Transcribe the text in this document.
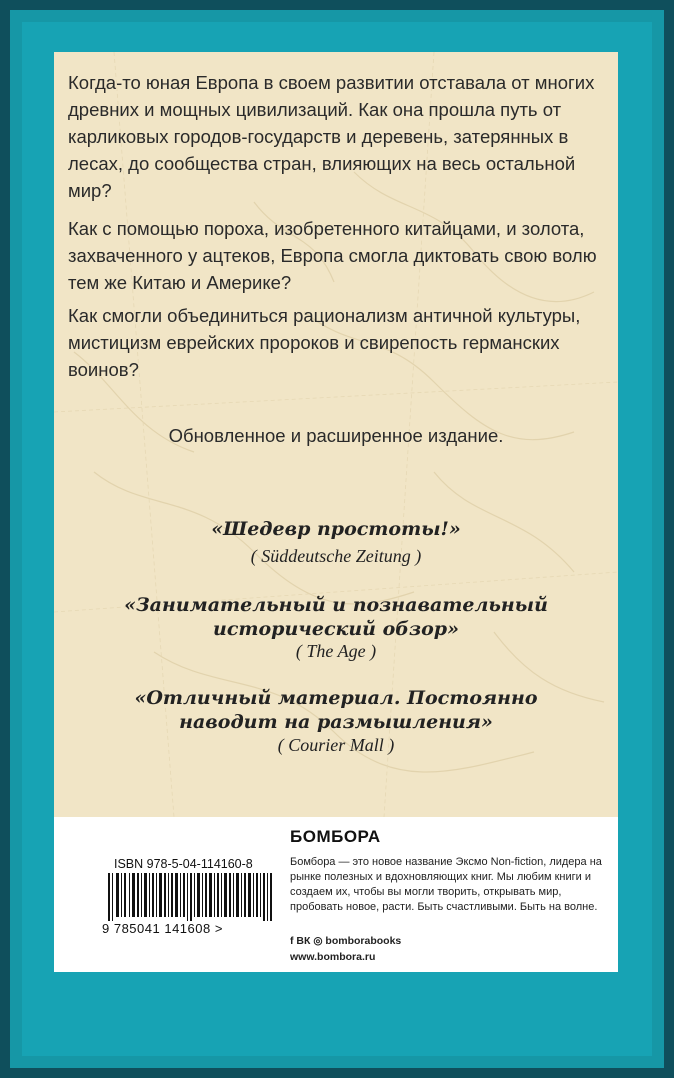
Когда-то юная Европа в своем развитии отставала от многих древних и мощных цивилизаций. Как она прошла путь от карликовых городов-государств и деревень, затерянных в лесах, до сообщества стран, влияющих на весь остальной мир?

Как с помощью пороха, изобретенного китайцами, и золота, захваченного у ацтеков, Европа смогла диктовать свою волю тем же Китаю и Америке?

Как смогли объединиться рационализм античной культуры, мистицизм еврейских пророков и свирепость германских воинов?

Обновленное и расширенное издание.
«Шедевр простоты!»
( Süddeutsche Zeitung )
«Занимательный и познавательный
исторический обзор»
( The Age )
«Отличный материал. Постоянно
наводит на размышления»
( Courier Mall )
ISBN 978-5-04-114160-8
9 785041 141608 >
БОМБОРА

Бомбора — это новое название Эксмо Non-fiction, лидера на рынке полезных и вдохновляющих книг. Мы любим книги и создаем их, чтобы вы могли творить, открывать мир, пробовать новое, расти. Быть счастливыми. Быть на волне.

f ВК ◎ bomborabooks
www.bombora.ru
